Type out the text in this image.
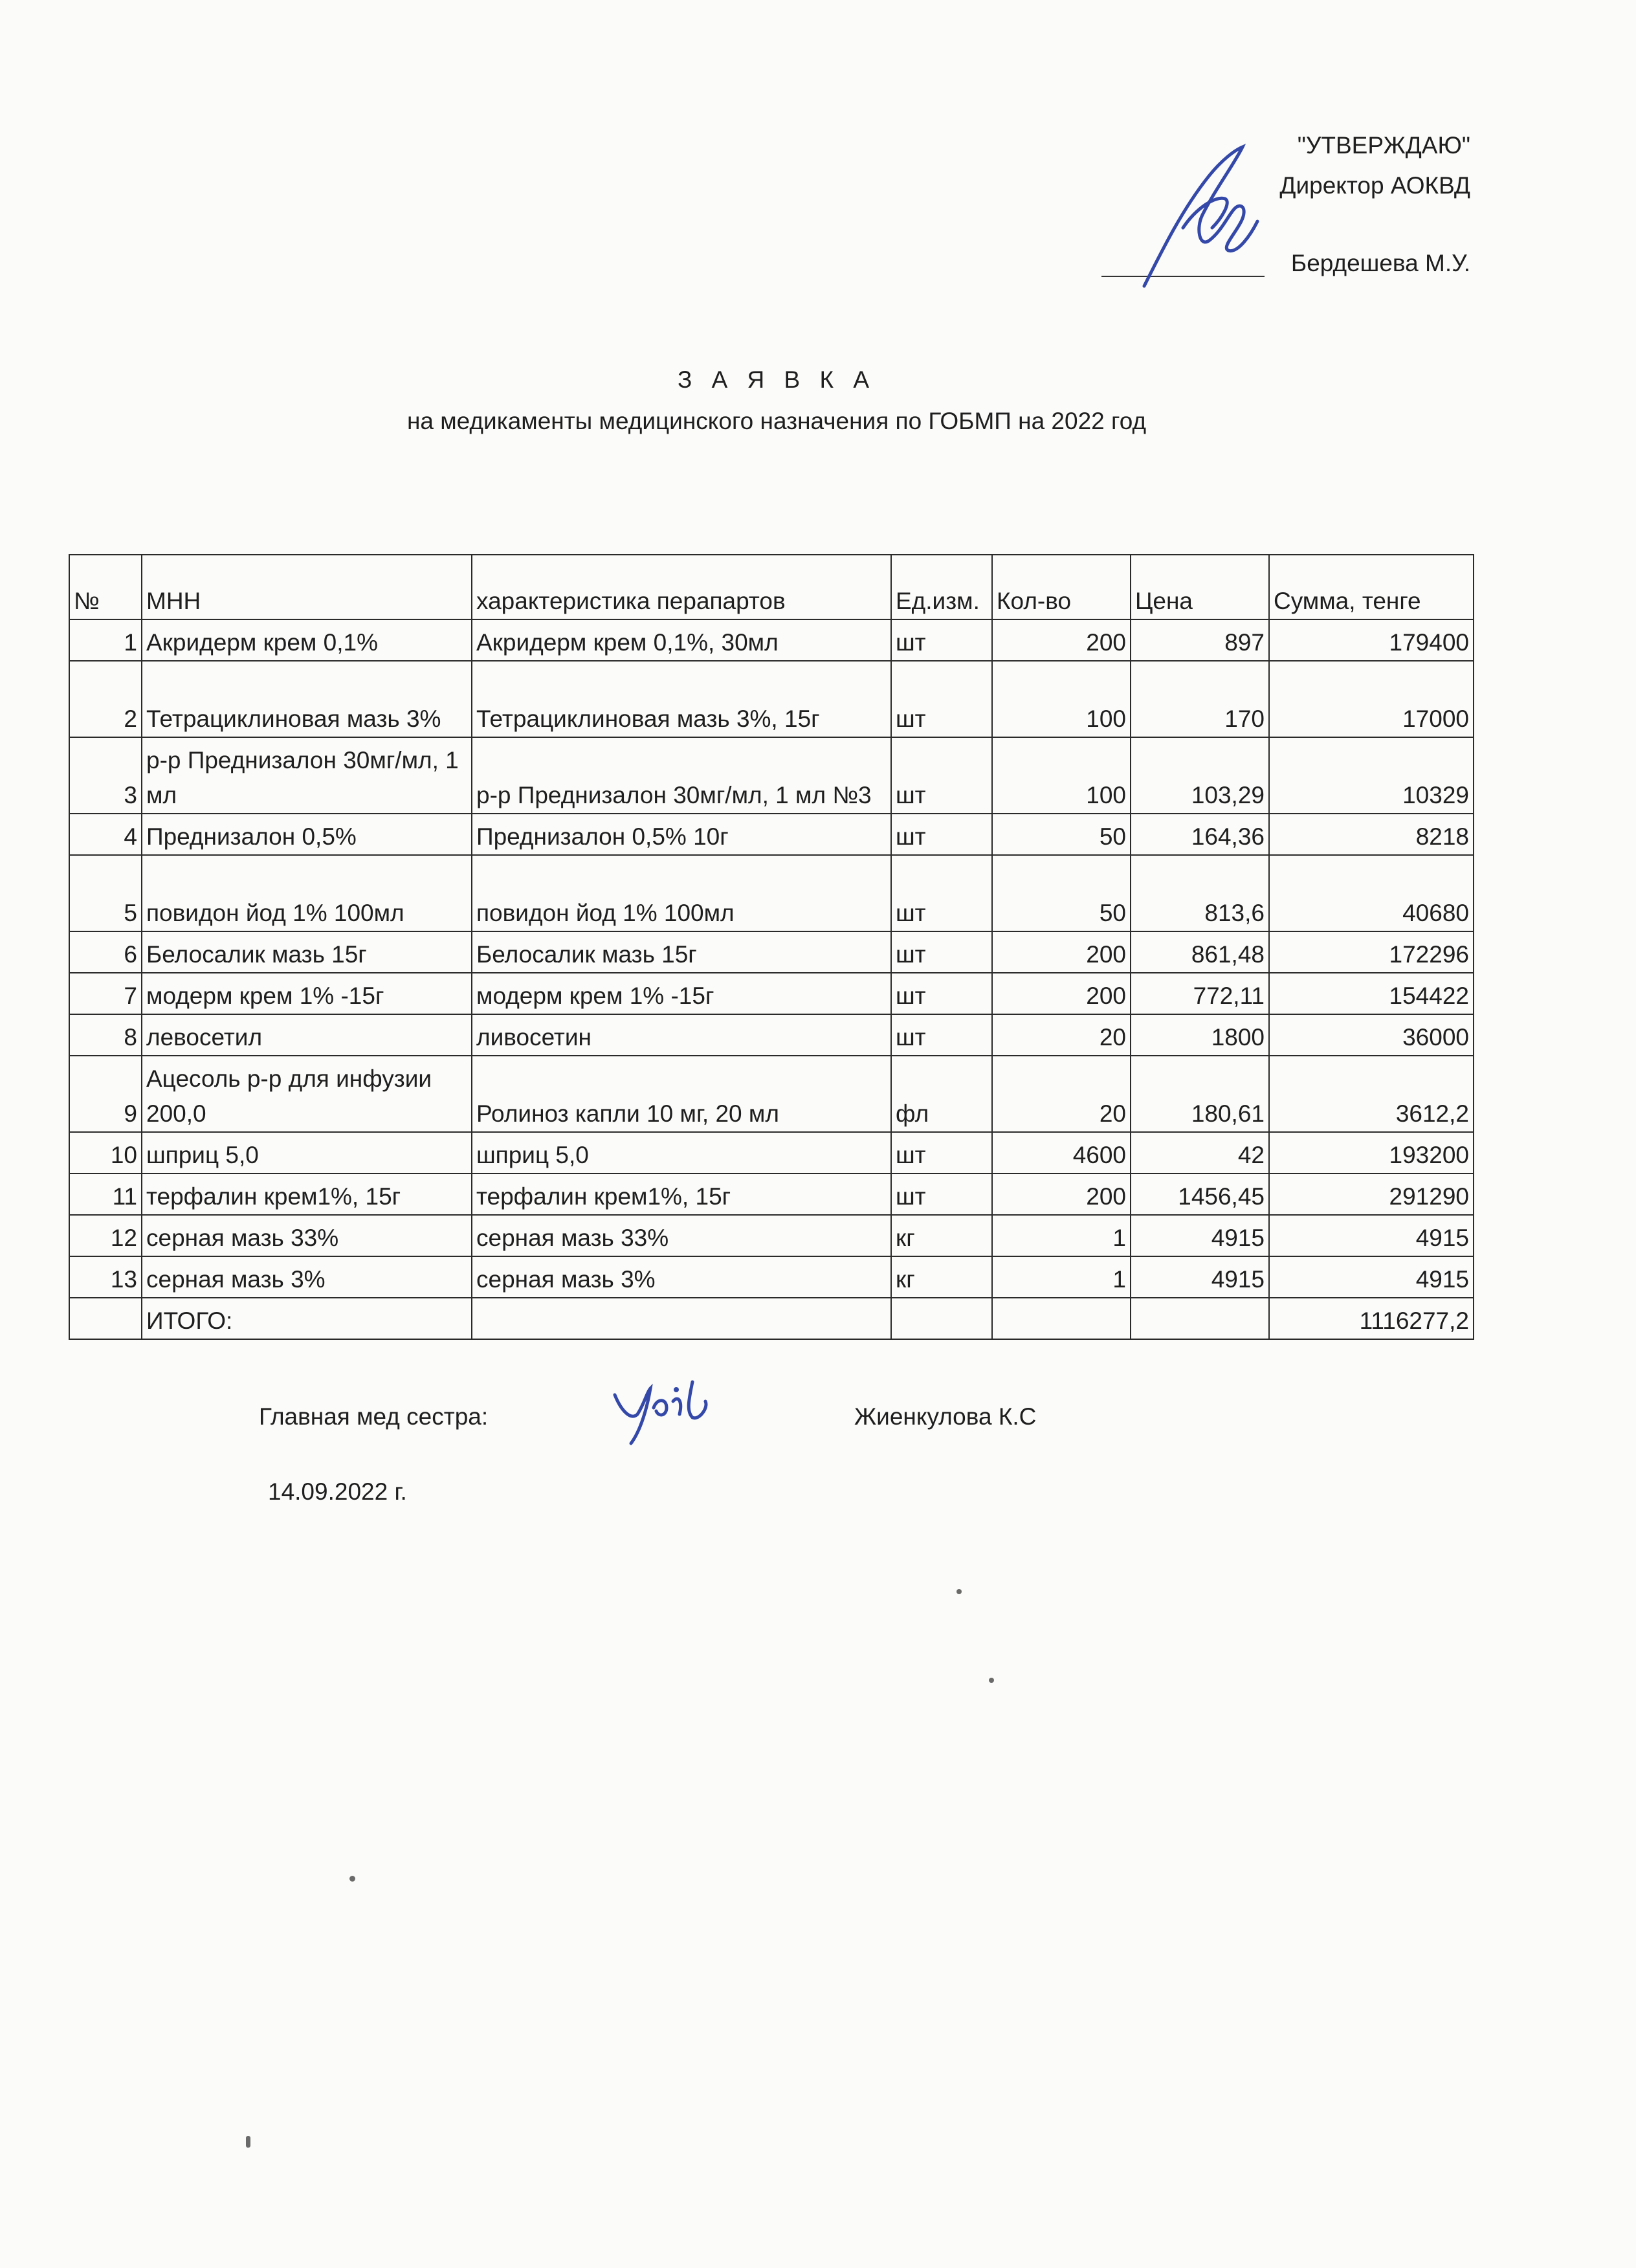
"УТВЕРЖДАЮ"
Директор АОКВД
Бердешева М.У.
З А Я В К А
на медикаменты медицинского назначения по ГОБМП на 2022 год
№	МНН	характеристика перапартов	Ед.изм.	Кол-во	Цена	Сумма, тенге
1	Акридерм крем 0,1%	Акридерм крем 0,1%, 30мл	шт	200	897	179400
2	Тетрациклиновая мазь 3%	Тетрациклиновая мазь 3%, 15г	шт	100	170	17000
3	р-р Преднизалон 30мг/мл, 1 мл	р-р Преднизалон 30мг/мл, 1 мл №3	шт	100	103,29	10329
4	Преднизалон 0,5%	Преднизалон 0,5% 10г	шт	50	164,36	8218
5	повидон йод 1% 100мл	повидон йод 1% 100мл	шт	50	813,6	40680
6	Белосалик мазь 15г	Белосалик мазь 15г	шт	200	861,48	172296
7	модерм крем 1% -15г	модерм крем 1% -15г	шт	200	772,11	154422
8	левосетил	ливосетин	шт	20	1800	36000
9	Ацесоль р-р для инфузии 200,0	Ролиноз капли 10 мг, 20 мл	фл	20	180,61	3612,2
10	шприц 5,0	шприц 5,0	шт	4600	42	193200
11	терфалин крем1%, 15г	терфалин крем1%, 15г	шт	200	1456,45	291290
12	серная мазь 33%	серная мазь 33%	кг	1	4915	4915
13	серная мазь 3%	серная мазь 3%	кг	1	4915	4915
	ИТОГО:					1116277,2
Главная мед сестра:	Жиенкулова К.С
14.09.2022 г.
